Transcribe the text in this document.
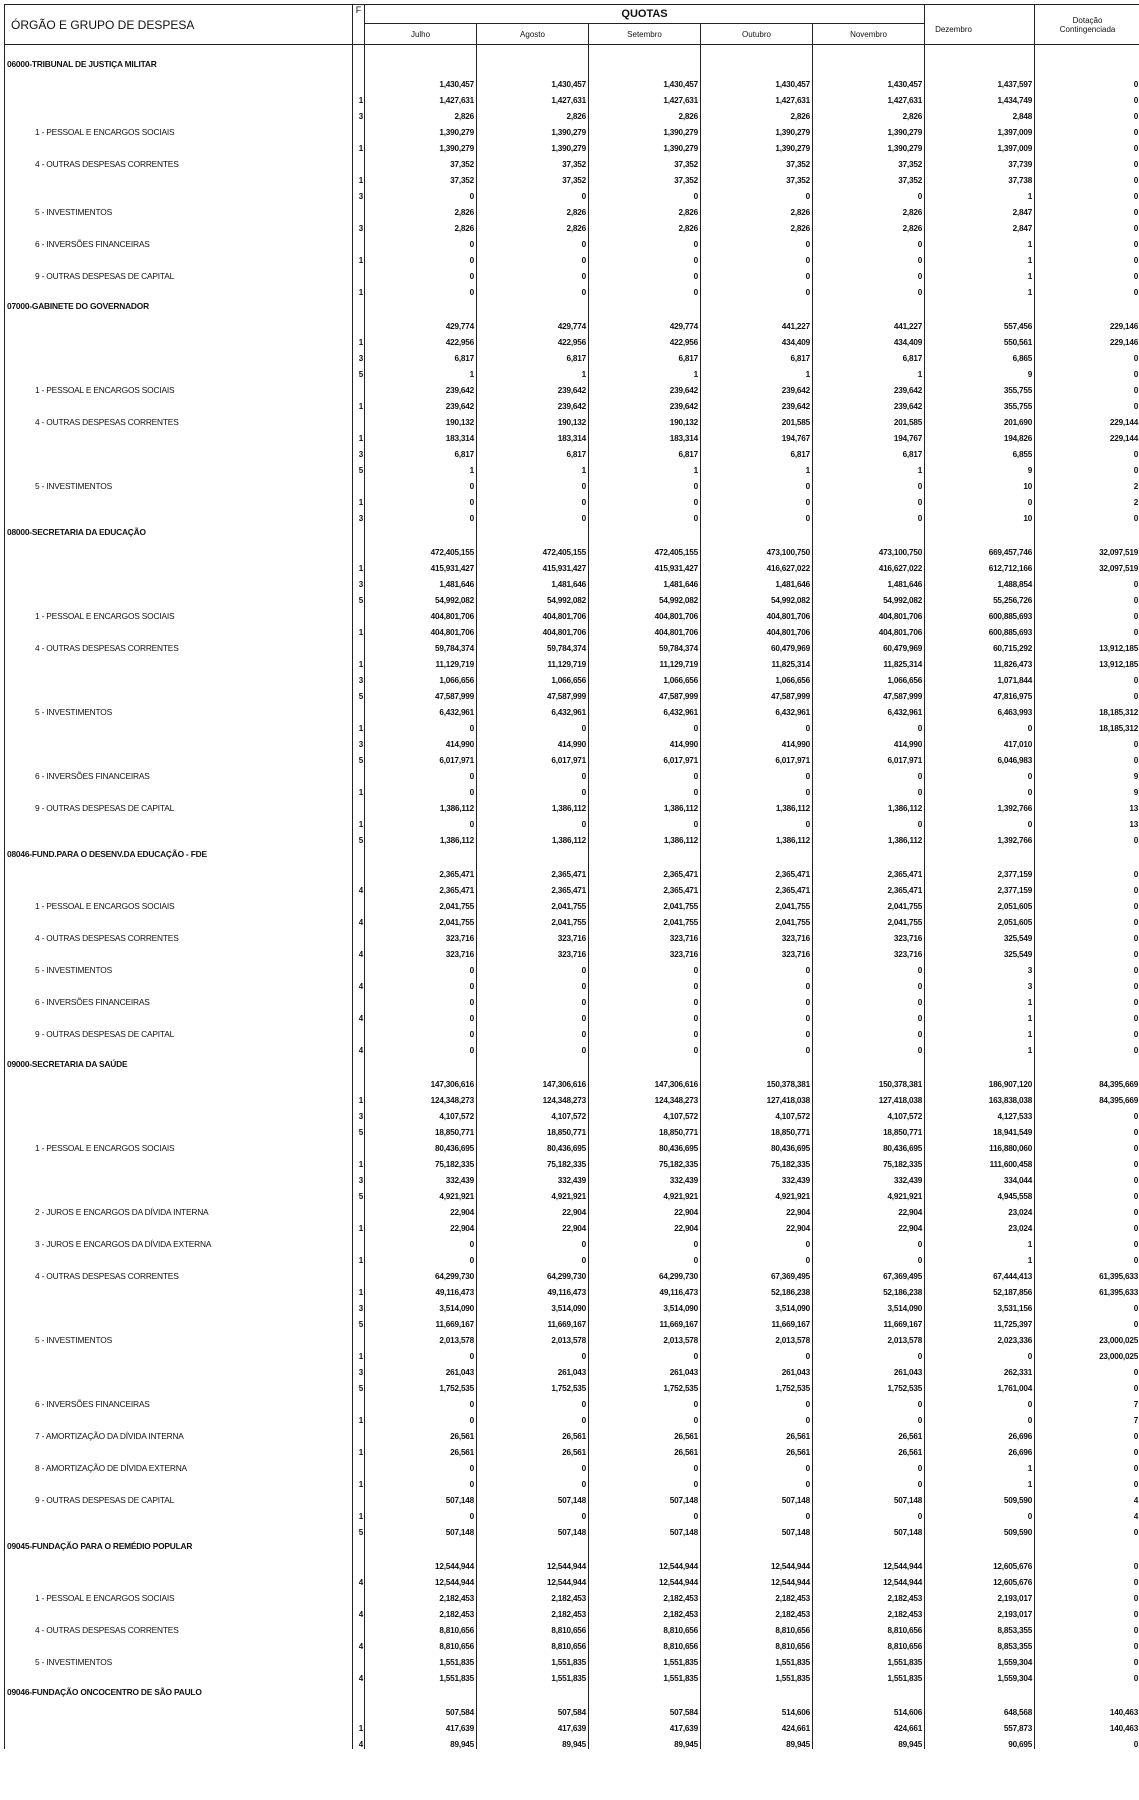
ÓRGÃO E GRUPO DE DESPESA	F	QUOTAS					Dezembro	Dotação
Contingenciada

		Julho	Agosto	Setembro	Outubro	Novembro		

06000-TRIBUNAL DE JUSTIÇA MILITAR		1,430,457	1,430,457	1,430,457	1,430,457	1,430,457	1,437,597	0
	1	1,427,631	1,427,631	1,427,631	1,427,631	1,427,631	1,434,749	0
	3	2,826	2,826	2,826	2,826	2,826	2,848	0
1 - PESSOAL E ENCARGOS SOCIAIS		1,390,279	1,390,279	1,390,279	1,390,279	1,390,279	1,397,009	0
	1	1,390,279	1,390,279	1,390,279	1,390,279	1,390,279	1,397,009	0
4 - OUTRAS DESPESAS CORRENTES		37,352	37,352	37,352	37,352	37,352	37,739	0
	1	37,352	37,352	37,352	37,352	37,352	37,738	0
	3	0	0	0	0	0	1	0
5 - INVESTIMENTOS		2,826	2,826	2,826	2,826	2,826	2,847	0
	3	2,826	2,826	2,826	2,826	2,826	2,847	0
6 - INVERSÕES FINANCEIRAS		0	0	0	0	0	1	0
	1	0	0	0	0	0	1	0
9 - OUTRAS DESPESAS DE CAPITAL		0	0	0	0	0	1	0
	1	0	0	0	0	0	1	0
07000-GABINETE DO GOVERNADOR		429,774	429,774	429,774	441,227	441,227	557,456	229,146
	1	422,956	422,956	422,956	434,409	434,409	550,561	229,146
	3	6,817	6,817	6,817	6,817	6,817	6,865	0
	5	1	1	1	1	1	9	0
1 - PESSOAL E ENCARGOS SOCIAIS		239,642	239,642	239,642	239,642	239,642	355,755	0
	1	239,642	239,642	239,642	239,642	239,642	355,755	0
4 - OUTRAS DESPESAS CORRENTES		190,132	190,132	190,132	201,585	201,585	201,690	229,144
	1	183,314	183,314	183,314	194,767	194,767	194,826	229,144
	3	6,817	6,817	6,817	6,817	6,817	6,855	0
	5	1	1	1	1	1	9	0
5 - INVESTIMENTOS		0	0	0	0	0	10	2
	1	0	0	0	0	0	0	2
	3	0	0	0	0	0	10	0
08000-SECRETARIA DA EDUCAÇÃO		472,405,155	472,405,155	472,405,155	473,100,750	473,100,750	669,457,746	32,097,519
	1	415,931,427	415,931,427	415,931,427	416,627,022	416,627,022	612,712,166	32,097,519
	3	1,481,646	1,481,646	1,481,646	1,481,646	1,481,646	1,488,854	0
	5	54,992,082	54,992,082	54,992,082	54,992,082	54,992,082	55,256,726	0
1 - PESSOAL E ENCARGOS SOCIAIS		404,801,706	404,801,706	404,801,706	404,801,706	404,801,706	600,885,693	0
	1	404,801,706	404,801,706	404,801,706	404,801,706	404,801,706	600,885,693	0
4 - OUTRAS DESPESAS CORRENTES		59,784,374	59,784,374	59,784,374	60,479,969	60,479,969	60,715,292	13,912,185
	1	11,129,719	11,129,719	11,129,719	11,825,314	11,825,314	11,826,473	13,912,185
	3	1,066,656	1,066,656	1,066,656	1,066,656	1,066,656	1,071,844	0
	5	47,587,999	47,587,999	47,587,999	47,587,999	47,587,999	47,816,975	0
5 - INVESTIMENTOS		6,432,961	6,432,961	6,432,961	6,432,961	6,432,961	6,463,993	18,185,312
	1	0	0	0	0	0	0	18,185,312
	3	414,990	414,990	414,990	414,990	414,990	417,010	0
	5	6,017,971	6,017,971	6,017,971	6,017,971	6,017,971	6,046,983	0
6 - INVERSÕES FINANCEIRAS		0	0	0	0	0	0	9
	1	0	0	0	0	0	0	9
9 - OUTRAS DESPESAS DE CAPITAL		1,386,112	1,386,112	1,386,112	1,386,112	1,386,112	1,392,766	13
	1	0	0	0	0	0	0	13
	5	1,386,112	1,386,112	1,386,112	1,386,112	1,386,112	1,392,766	0
08046-FUND.PARA O DESENV.DA EDUCAÇÃO - FDE		2,365,471	2,365,471	2,365,471	2,365,471	2,365,471	2,377,159	0
	4	2,365,471	2,365,471	2,365,471	2,365,471	2,365,471	2,377,159	0
1 - PESSOAL E ENCARGOS SOCIAIS		2,041,755	2,041,755	2,041,755	2,041,755	2,041,755	2,051,605	0
	4	2,041,755	2,041,755	2,041,755	2,041,755	2,041,755	2,051,605	0
4 - OUTRAS DESPESAS CORRENTES		323,716	323,716	323,716	323,716	323,716	325,549	0
	4	323,716	323,716	323,716	323,716	323,716	325,549	0
5 - INVESTIMENTOS		0	0	0	0	0	3	0
	4	0	0	0	0	0	3	0
6 - INVERSÕES FINANCEIRAS		0	0	0	0	0	1	0
	4	0	0	0	0	0	1	0
9 - OUTRAS DESPESAS DE CAPITAL		0	0	0	0	0	1	0
	4	0	0	0	0	0	1	0
09000-SECRETARIA DA SAÚDE		147,306,616	147,306,616	147,306,616	150,378,381	150,378,381	186,907,120	84,395,669
	1	124,348,273	124,348,273	124,348,273	127,418,038	127,418,038	163,838,038	84,395,669
	3	4,107,572	4,107,572	4,107,572	4,107,572	4,107,572	4,127,533	0
	5	18,850,771	18,850,771	18,850,771	18,850,771	18,850,771	18,941,549	0
1 - PESSOAL E ENCARGOS SOCIAIS		80,436,695	80,436,695	80,436,695	80,436,695	80,436,695	116,880,060	0
	1	75,182,335	75,182,335	75,182,335	75,182,335	75,182,335	111,600,458	0
	3	332,439	332,439	332,439	332,439	332,439	334,044	0
	5	4,921,921	4,921,921	4,921,921	4,921,921	4,921,921	4,945,558	0
2 - JUROS E ENCARGOS DA DÍVIDA INTERNA		22,904	22,904	22,904	22,904	22,904	23,024	0
	1	22,904	22,904	22,904	22,904	22,904	23,024	0
3 - JUROS E ENCARGOS DA DÍVIDA EXTERNA		0	0	0	0	0	1	0
	1	0	0	0	0	0	1	0
4 - OUTRAS DESPESAS CORRENTES		64,299,730	64,299,730	64,299,730	67,369,495	67,369,495	67,444,413	61,395,633
	1	49,116,473	49,116,473	49,116,473	52,186,238	52,186,238	52,187,856	61,395,633
	3	3,514,090	3,514,090	3,514,090	3,514,090	3,514,090	3,531,156	0
	5	11,669,167	11,669,167	11,669,167	11,669,167	11,669,167	11,725,397	0
5 - INVESTIMENTOS		2,013,578	2,013,578	2,013,578	2,013,578	2,013,578	2,023,336	23,000,025
	1	0	0	0	0	0	0	23,000,025
	3	261,043	261,043	261,043	261,043	261,043	262,331	0
	5	1,752,535	1,752,535	1,752,535	1,752,535	1,752,535	1,761,004	0
6 - INVERSÕES FINANCEIRAS		0	0	0	0	0	0	7
	1	0	0	0	0	0	0	7
7 - AMORTIZAÇÃO DA DÍVIDA INTERNA		26,561	26,561	26,561	26,561	26,561	26,696	0
	1	26,561	26,561	26,561	26,561	26,561	26,696	0
8 - AMORTIZAÇÃO DE DÍVIDA EXTERNA		0	0	0	0	0	1	0
	1	0	0	0	0	0	1	0
9 - OUTRAS DESPESAS DE CAPITAL		507,148	507,148	507,148	507,148	507,148	509,590	4
	1	0	0	0	0	0	0	4
	5	507,148	507,148	507,148	507,148	507,148	509,590	0
09045-FUNDAÇÃO PARA O REMÉDIO POPULAR		12,544,944	12,544,944	12,544,944	12,544,944	12,544,944	12,605,676	0
	4	12,544,944	12,544,944	12,544,944	12,544,944	12,544,944	12,605,676	0
1 - PESSOAL E ENCARGOS SOCIAIS		2,182,453	2,182,453	2,182,453	2,182,453	2,182,453	2,193,017	0
	4	2,182,453	2,182,453	2,182,453	2,182,453	2,182,453	2,193,017	0
4 - OUTRAS DESPESAS CORRENTES		8,810,656	8,810,656	8,810,656	8,810,656	8,810,656	8,853,355	0
	4	8,810,656	8,810,656	8,810,656	8,810,656	8,810,656	8,853,355	0
5 - INVESTIMENTOS		1,551,835	1,551,835	1,551,835	1,551,835	1,551,835	1,559,304	0
	4	1,551,835	1,551,835	1,551,835	1,551,835	1,551,835	1,559,304	0
09046-FUNDAÇÃO ONCOCENTRO DE SÃO PAULO		507,584	507,584	507,584	514,606	514,606	648,568	140,463
	1	417,639	417,639	417,639	424,661	424,661	557,873	140,463
	4	89,945	89,945	89,945	89,945	89,945	90,695	0
